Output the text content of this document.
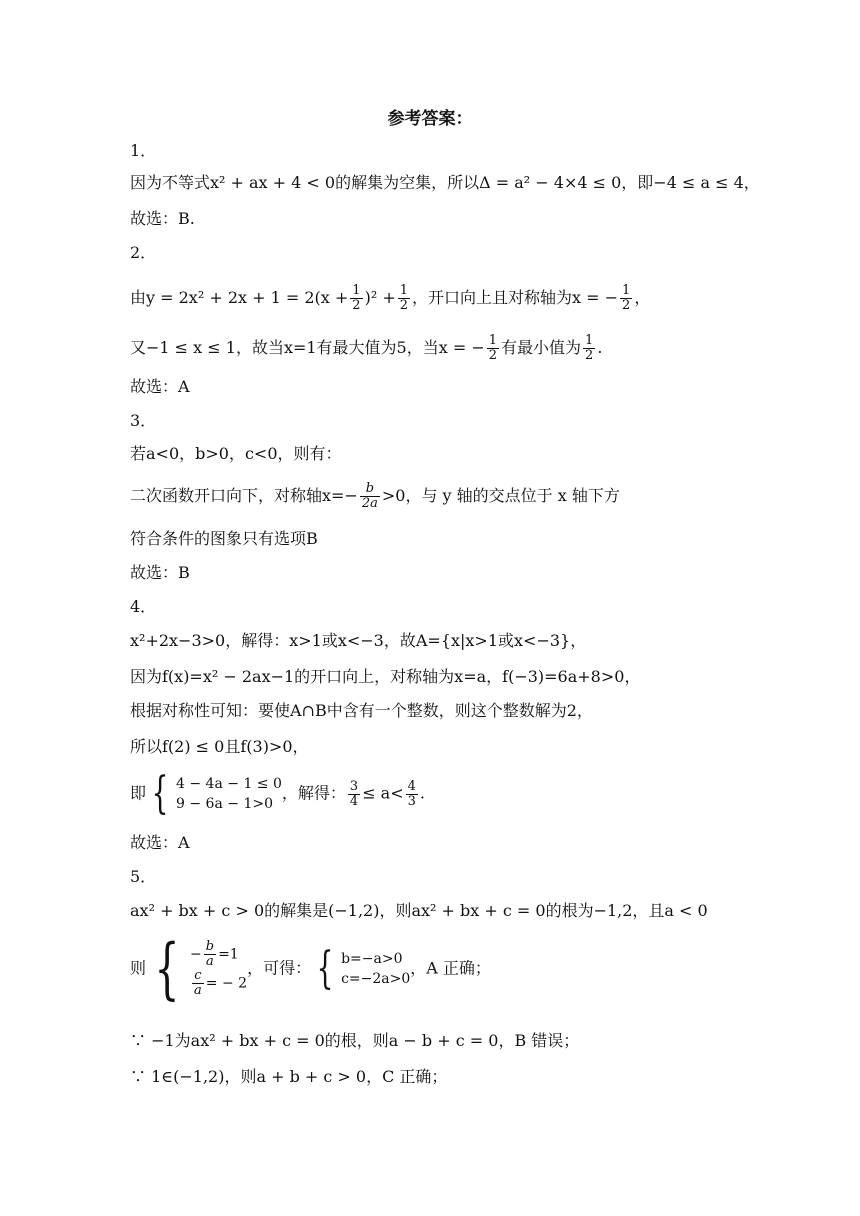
参考答案：
1．
因为不等式x² + ax + 4 < 0的解集为空集，所以Δ = a² − 4×4 ≤ 0，即−4 ≤ a ≤ 4，
故选：B.
2．
由$y = 2x^2 + 2x + 1 = 2(x + \frac{1}{2} )^2 + \frac{1}{2}$ ，开口向上且对称轴为x = − $\frac{1}{2}$ ，
又−1 ≤ x ≤ 1，故当x=1有最大值为5，当x = − $\frac{1}{2}$ 有最小值为 $\frac{1}{2}$ .
故选：A
3．
若a<0，b>0，c<0，则有：
二次函数开口向下，对称轴$x=- \frac{b}{2a} >0$，与 y 轴的交点位于 x 轴下方
符合条件的图象只有选项B
故选：B
4．
x²+2x−3>0，解得：x>1或x<−3，故A={x|x>1或x<−3}，
因为f(x)=x² − 2ax−1的开口向上，对称轴为x=a，f(−3)=6a+8>0，
根据对称性可知：要使A∩B中含有一个整数，则这个整数解为2，
所以f(2) ≤ 0且f(3)>0，
即 { 4 − 4a − 1 ≤ 0
9 − 6a − 1>0
，解得： $\frac{3}{4} \le a< \frac{4}{3}$ .
故选：A
5．
ax² + bx + c > 0的解集是(−1,2)，则ax² + bx + c = 0的根为−1,2，且a < 0
则 { − $\frac{b}{a} =1$
$\frac{c}{a}$ = − 2
，可得： { b=−a>0
c=−2a>0
，A 正确；
∵ −1为ax² + bx + c = 0的根，则a − b + c = 0，B 错误；
∵ 1∈(−1,2)，则a + b + c > 0，C 正确；
